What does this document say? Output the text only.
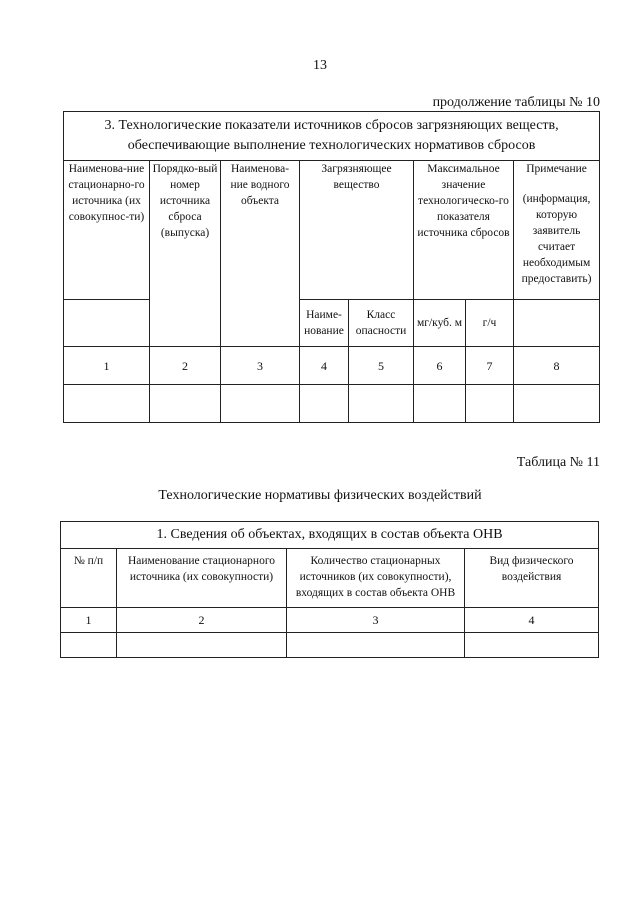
13
продолжение таблицы № 10
3. Технологические показатели источников сбросов загрязняющих веществ, обеспечивающие выполнение технологических нормативов сбросов							
Наименова-ние стационарно-го источника (их совокупнос-ти)	Порядко-вый номер источника сброса (выпуска)	Наименова-ние водного объекта	Загрязняющее вещество		Максимальное значение технологическо-го показателя источника сбросов		Примечание
(информация, которую заявитель считает необходимым предоставить)

			Наиме-нование	Класс опасности	мг/куб. м	г/ч	
1	2	3	4	5	6	7	8

Таблица № 11
Технологические нормативы физических воздействий
1. Сведения об объектах, входящих в состав объекта ОНВ			
№ п/п	Наименование стационарного источника (их совокупности)	Количество стационарных источников (их совокупности), входящих в состав объекта ОНВ	Вид физического воздействия
1	2	3	4
